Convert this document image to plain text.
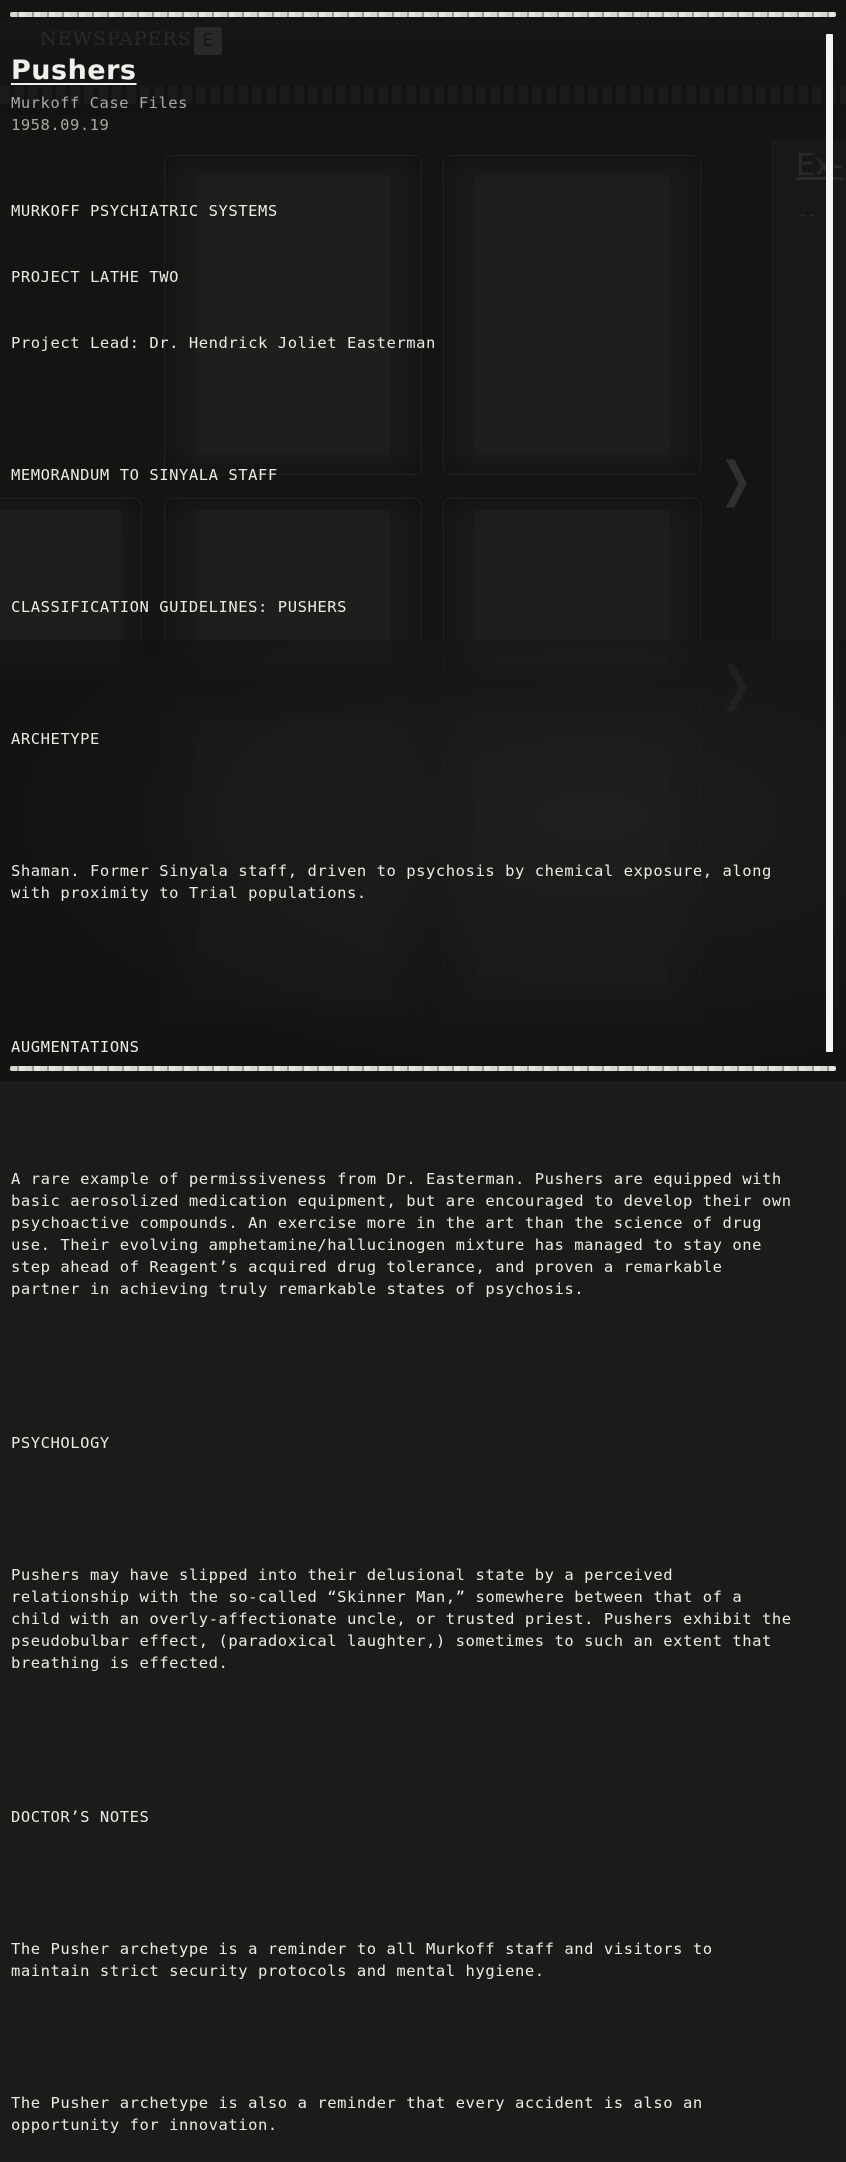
Pushers
Murkoff Case Files
1958.09.19

MURKOFF PSYCHIATRIC SYSTEMS

PROJECT LATHE TWO

Project Lead: Dr. Hendrick Joliet Easterman

MEMORANDUM TO SINYALA STAFF

CLASSIFICATION GUIDELINES: PUSHERS

ARCHETYPE

Shaman. Former Sinyala staff, driven to psychosis by chemical exposure, along
with proximity to Trial populations.

AUGMENTATIONS

A rare example of permissiveness from Dr. Easterman. Pushers are equipped with
basic aerosolized medication equipment, but are encouraged to develop their own
psychoactive compounds. An exercise more in the art than the science of drug
use. Their evolving amphetamine/hallucinogen mixture has managed to stay one
step ahead of Reagent’s acquired drug tolerance, and proven a remarkable
partner in achieving truly remarkable states of psychosis.

PSYCHOLOGY

Pushers may have slipped into their delusional state by a perceived
relationship with the so-called “Skinner Man,” somewhere between that of a
child with an overly-affectionate uncle, or trusted priest. Pushers exhibit the
pseudobulbar effect, (paradoxical laughter,) sometimes to such an extent that
breathing is effected.

DOCTOR’S NOTES

The Pusher archetype is a reminder to all Murkoff staff and visitors to
maintain strict security protocols and mental hygiene.

The Pusher archetype is also a reminder that every accident is also an
opportunity for innovation.
